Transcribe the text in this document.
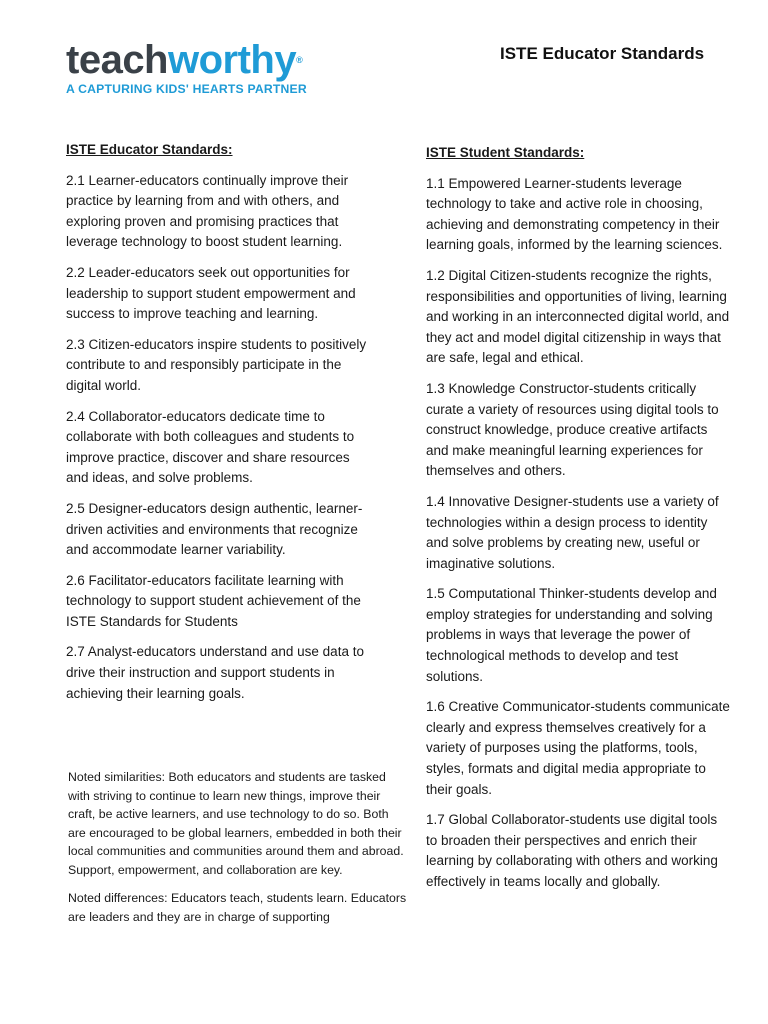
teachworthy®
A CAPTURING KIDS' HEARTS PARTNER
ISTE Educator Standards
ISTE Educator Standards:

2.1 Learner-educators continually improve their practice by learning from and with others, and exploring proven and promising practices that leverage technology to boost student learning.

2.2 Leader-educators seek out opportunities for leadership to support student empowerment and success to improve teaching and learning.

2.3 Citizen-educators inspire students to positively contribute to and responsibly participate in the digital world.

2.4 Collaborator-educators dedicate time to collaborate with both colleagues and students to improve practice, discover and share resources and ideas, and solve problems.

2.5 Designer-educators design authentic, learner-driven activities and environments that recognize and accommodate learner variability.

2.6 Facilitator-educators facilitate learning with technology to support student achievement of the ISTE Standards for Students

2.7 Analyst-educators understand and use data to drive their instruction and support students in achieving their learning goals.

ISTE Student Standards:

1.1 Empowered Learner-students leverage technology to take and active role in choosing, achieving and demonstrating competency in their learning goals, informed by the learning sciences.

1.2 Digital Citizen-students recognize the rights, responsibilities and opportunities of living, learning and working in an interconnected digital world, and they act and model digital citizenship in ways that are safe, legal and ethical.

1.3 Knowledge Constructor-students critically curate a variety of resources using digital tools to construct knowledge, produce creative artifacts and make meaningful learning experiences for themselves and others.

1.4 Innovative Designer-students use a variety of technologies within a design process to identity and solve problems by creating new, useful or imaginative solutions.

1.5 Computational Thinker-students develop and employ strategies for understanding and solving problems in ways that leverage the power of technological methods to develop and test solutions.

1.6 Creative Communicator-students communicate clearly and express themselves creatively for a variety of purposes using the platforms, tools, styles, formats and digital media appropriate to their goals.

1.7 Global Collaborator-students use digital tools to broaden their perspectives and enrich their learning by collaborating with others and working effectively in teams locally and globally.

Noted similarities: Both educators and students are tasked with striving to continue to learn new things, improve their craft, be active learners, and use technology to do so. Both are encouraged to be global learners, embedded in both their local communities and communities around them and abroad. Support, empowerment, and collaboration are key.

Noted differences: Educators teach, students learn. Educators are leaders and they are in charge of supporting
